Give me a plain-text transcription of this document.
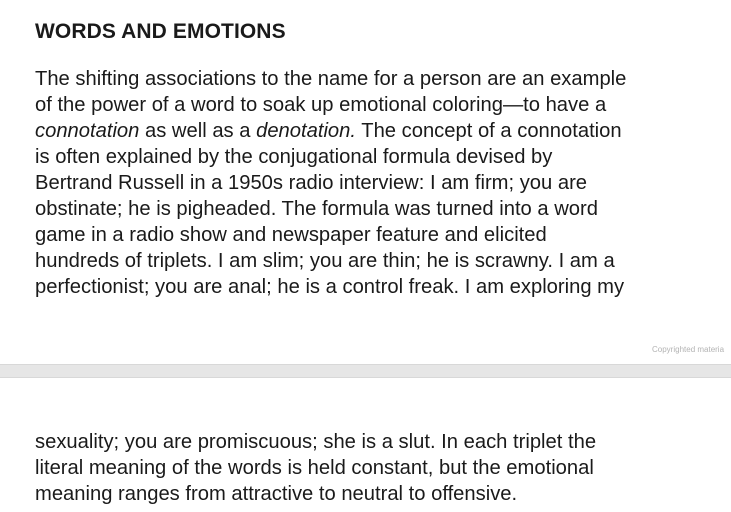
WORDS AND EMOTIONS

The shifting associations to the name for a person are an example
of the power of a word to soak up emotional coloring—to have a
connotation as well as a denotation. The concept of a connotation
is often explained by the conjugational formula devised by
Bertrand Russell in a 1950s radio interview: I am firm; you are
obstinate; he is pigheaded. The formula was turned into a word
game in a radio show and newspaper feature and elicited
hundreds of triplets. I am slim; you are thin; he is scrawny. I am a
perfectionist; you are anal; he is a control freak. I am exploring my

Copyrighted materia

sexuality; you are promiscuous; she is a slut. In each triplet the
literal meaning of the words is held constant, but the emotional
meaning ranges from attractive to neutral to offensive.
